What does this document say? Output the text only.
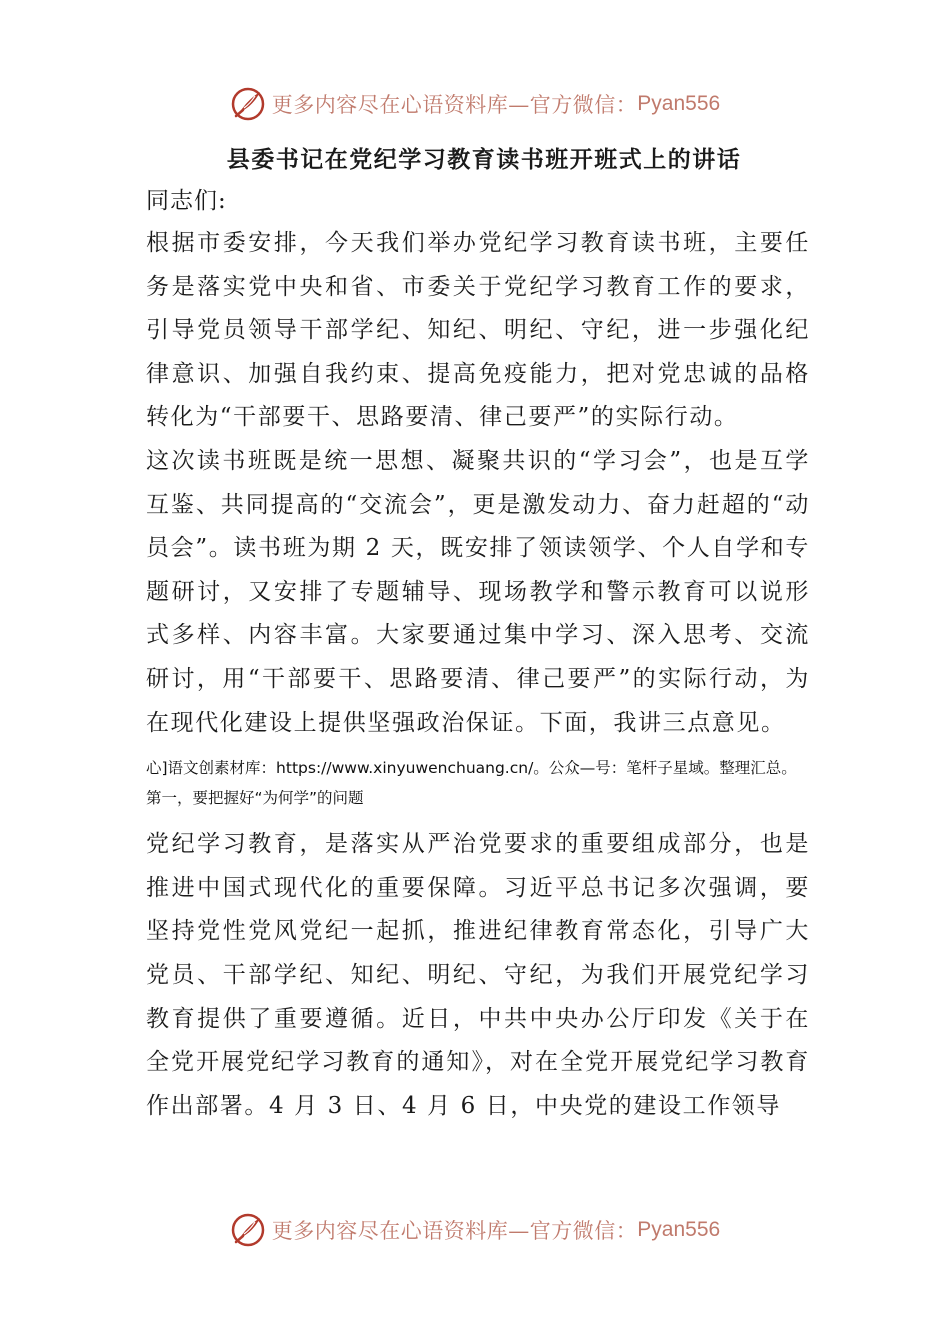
更多内容尽在心语资料库—官方微信： Pyan556
县委书记在党纪学习教育读书班开班式上的讲话

同志们:

根据市委安排，今天我们举办党纪学习教育读书班，主要任务是落实党中央和省、市委关于党纪学习教育工作的要求，引导党员领导干部学纪、知纪、明纪、守纪，进一步强化纪律意识、加强自我约束、提高免疫能力，把对党忠诚的品格转化为“干部要干、思路要清、律己要严”的实际行动。

这次读书班既是统一思想、凝聚共识的“学习会”，也是互学互鉴、共同提高的“交流会”，更是激发动力、奋力赶超的“动员会”。读书班为期 2 天，既安排了领读领学、个人自学和专题研讨，又安排了专题辅导、现场教学和警示教育可以说形式多样、内容丰富。大家要通过集中学习、深入思考、交流研讨，用“干部要干、思路要清、律己要严”的实际行动，为在现代化建设上提供坚强政治保证。下面，我讲三点意见。

心]语文创素材库：https://www.xinyuwenchuang.cn/。公众—号：笔杆子星域。整理汇总。第一，要把握好“为何学”的问题

党纪学习教育，是落实从严治党要求的重要组成部分，也是推进中国式现代化的重要保障。习近平总书记多次强调，要坚持党性党风党纪一起抓，推进纪律教育常态化，引导广大党员、干部学纪、知纪、明纪、守纪，为我们开展党纪学习教育提供了重要遵循。近日，中共中央办公厅印发《关于在全党开展党纪学习教育的通知》，对在全党开展党纪学习教育作出部署。4 月 3 日、4 月 6 日，中央党的建设工作领导

更多内容尽在心语资料库—官方微信： Pyan556
